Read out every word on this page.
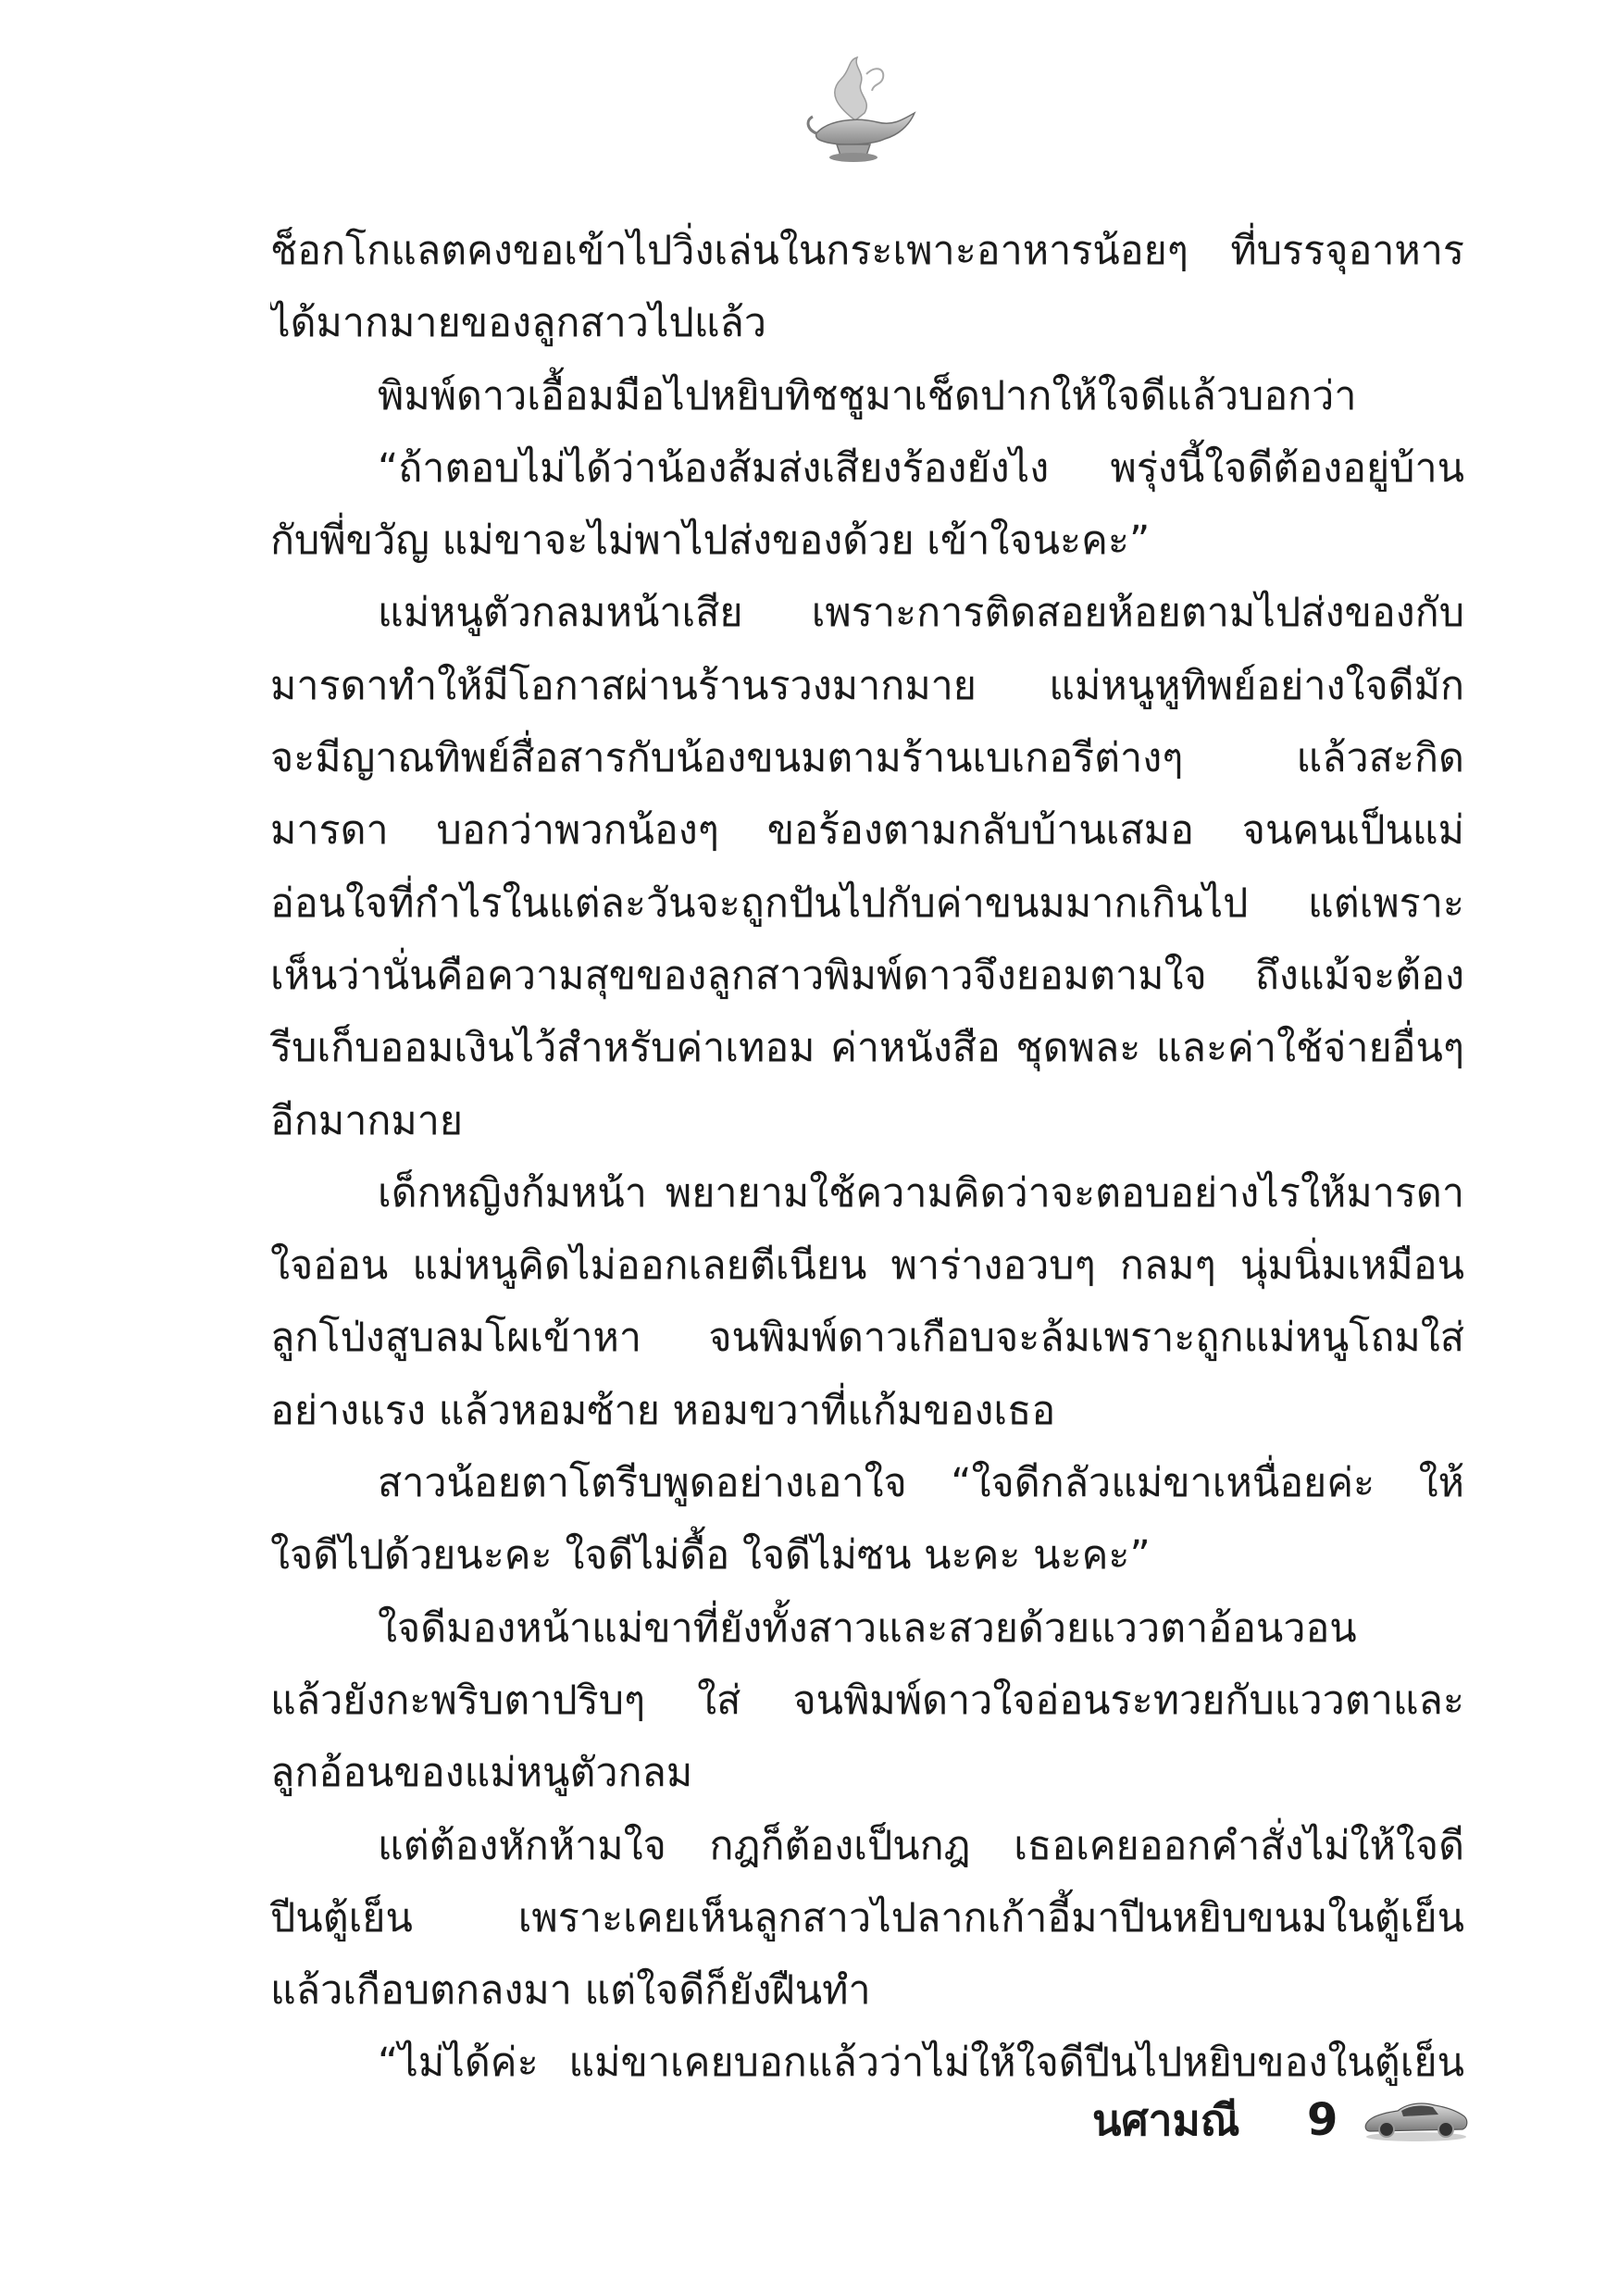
ช็อกโกแลตคงขอเข้าไปวิ่งเล่นในกระเพาะอาหารน้อยๆ ที่บรรจุอาหาร
ได้มากมายของลูกสาวไปแล้ว
พิมพ์ดาวเอื้อมมือไปหยิบทิชชูมาเช็ดปากให้ใจดีแล้วบอกว่า
“ถ้าตอบไม่ได้ว่าน้องส้มส่งเสียงร้องยังไง พรุ่งนี้ใจดีต้องอยู่บ้าน
กับพี่ขวัญ แม่ขาจะไม่พาไปส่งของด้วย เข้าใจนะคะ”
แม่หนูตัวกลมหน้าเสีย เพราะการติดสอยห้อยตามไปส่งของกับ
มารดาทำให้มีโอกาสผ่านร้านรวงมากมาย แม่หนูหูทิพย์อย่างใจดีมัก
จะมีญาณทิพย์สื่อสารกับน้องขนมตามร้านเบเกอรีต่างๆ แล้วสะกิด
มารดา บอกว่าพวกน้องๆ ขอร้องตามกลับบ้านเสมอ จนคนเป็นแม่
อ่อนใจที่กำไรในแต่ละวันจะถูกปันไปกับค่าขนมมากเกินไป แต่เพราะ
เห็นว่านั่นคือความสุขของลูกสาวพิมพ์ดาวจึงยอมตามใจ ถึงแม้จะต้อง
รีบเก็บออมเงินไว้สำหรับค่าเทอม ค่าหนังสือ ชุดพละ และค่าใช้จ่ายอื่นๆ
อีกมากมาย
เด็กหญิงก้มหน้า พยายามใช้ความคิดว่าจะตอบอย่างไรให้มารดา
ใจอ่อน แม่หนูคิดไม่ออกเลยตีเนียน พาร่างอวบๆ กลมๆ นุ่มนิ่มเหมือน
ลูกโป่งสูบลมโผเข้าหา จนพิมพ์ดาวเกือบจะล้มเพราะถูกแม่หนูโถมใส่
อย่างแรง แล้วหอมซ้าย หอมขวาที่แก้มของเธอ
สาวน้อยตาโตรีบพูดอย่างเอาใจ “ใจดีกลัวแม่ขาเหนื่อยค่ะ ให้
ใจดีไปด้วยนะคะ ใจดีไม่ดื้อ ใจดีไม่ซน นะคะ นะคะ”
ใจดีมองหน้าแม่ขาที่ยังทั้งสาวและสวยด้วยแววตาอ้อนวอน
แล้วยังกะพริบตาปริบๆ ใส่ จนพิมพ์ดาวใจอ่อนระทวยกับแววตาและ
ลูกอ้อนของแม่หนูตัวกลม
แต่ต้องหักห้ามใจ กฎก็ต้องเป็นกฎ เธอเคยออกคำสั่งไม่ให้ใจดี
ปีนตู้เย็น เพราะเคยเห็นลูกสาวไปลากเก้าอี้มาปีนหยิบขนมในตู้เย็น
แล้วเกือบตกลงมา แต่ใจดีก็ยังฝืนทำ
“ไม่ได้ค่ะ แม่ขาเคยบอกแล้วว่าไม่ให้ใจดีปีนไปหยิบของในตู้เย็น
นศามณี 9
